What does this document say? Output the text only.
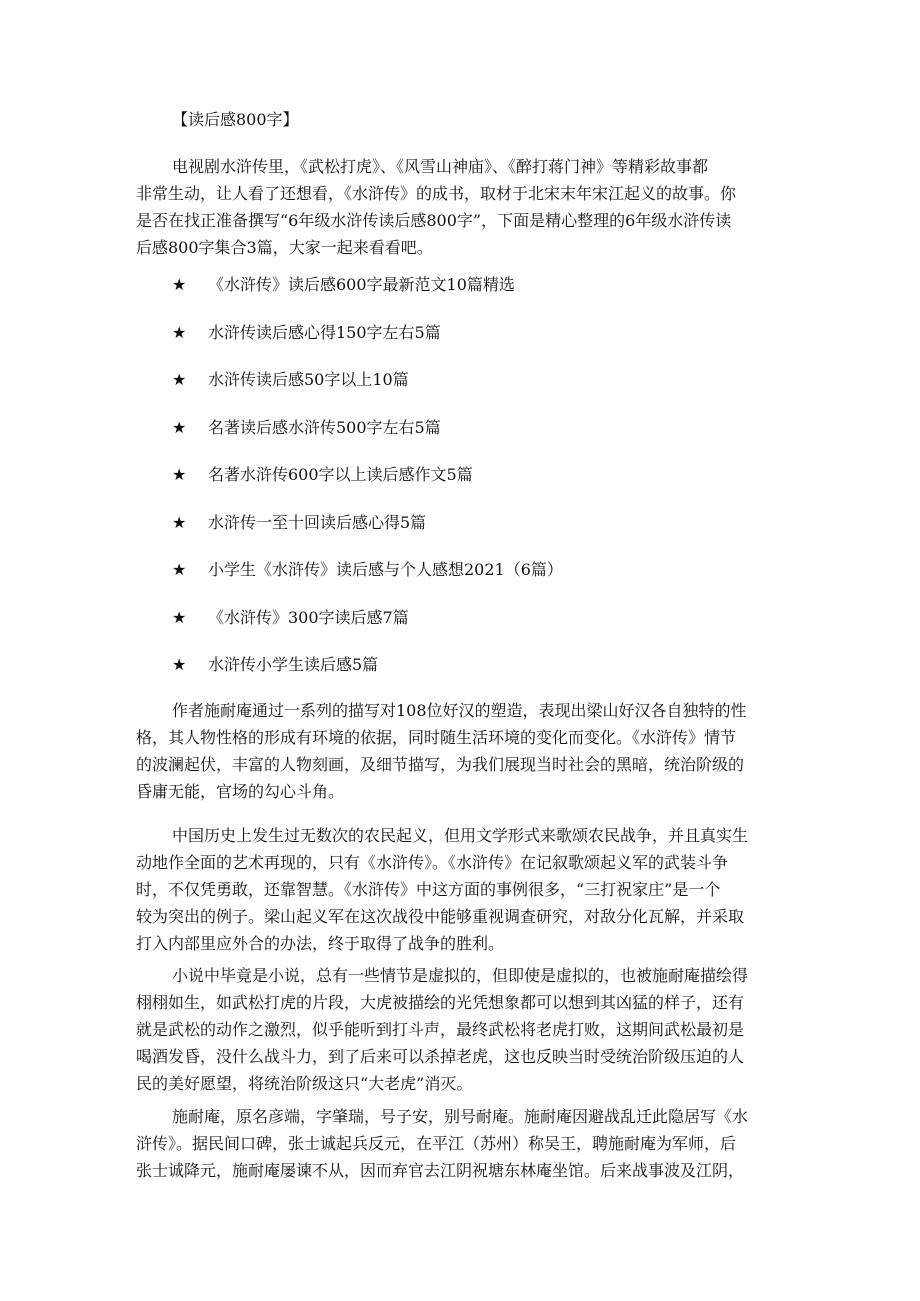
【读后感800字】

电视剧水浒传里，《武松打虎》、《风雪山神庙》、《醉打蒋门神》等精彩故事都
非常生动，让人看了还想看，《水浒传》的成书，取材于北宋末年宋江起义的故事。你
是否在找正准备撰写“6年级水浒传读后感800字”，下面是精心整理的6年级水浒传读
后感800字集合3篇，大家一起来看看吧。

★ 《水浒传》读后感600字最新范文10篇精选
★ 水浒传读后感心得150字左右5篇
★ 水浒传读后感50字以上10篇
★ 名著读后感水浒传500字左右5篇
★ 名著水浒传600字以上读后感作文5篇
★ 水浒传一至十回读后感心得5篇
★ 小学生《水浒传》读后感与个人感想2021（6篇）
★ 《水浒传》300字读后感7篇
★ 水浒传小学生读后感5篇

作者施耐庵通过一系列的描写对108位好汉的塑造，表现出梁山好汉各自独特的性
格，其人物性格的形成有环境的依据，同时随生活环境的变化而变化。《水浒传》情节
的波澜起伏，丰富的人物刻画，及细节描写，为我们展现当时社会的黑暗，统治阶级的
昏庸无能，官场的勾心斗角。

中国历史上发生过无数次的农民起义，但用文学形式来歌颂农民战争，并且真实生
动地作全面的艺术再现的，只有《水浒传》。《水浒传》在记叙歌颂起义军的武装斗争
时，不仅凭勇敢，还靠智慧。《水浒传》中这方面的事例很多，“三打祝家庄”是一个
较为突出的例子。梁山起义军在这次战役中能够重视调查研究，对敌分化瓦解，并采取
打入内部里应外合的办法，终于取得了战争的胜利。

小说中毕竟是小说，总有一些情节是虚拟的，但即使是虚拟的，也被施耐庵描绘得
栩栩如生，如武松打虎的片段，大虎被描绘的光凭想象都可以想到其凶猛的样子，还有
就是武松的动作之激烈，似乎能听到打斗声，最终武松将老虎打败，这期间武松最初是
喝酒发昏，没什么战斗力，到了后来可以杀掉老虎，这也反映当时受统治阶级压迫的人
民的美好愿望，将统治阶级这只“大老虎”消灭。

施耐庵，原名彦端，字肇瑞，号子安，别号耐庵。施耐庵因避战乱迁此隐居写《水
浒传》。据民间口碑，张士诚起兵反元，在平江（苏州）称吴王，聘施耐庵为军师，后
张士诚降元，施耐庵屡谏不从，因而弃官去江阴祝塘东林庵坐馆。后来战事波及江阴，
